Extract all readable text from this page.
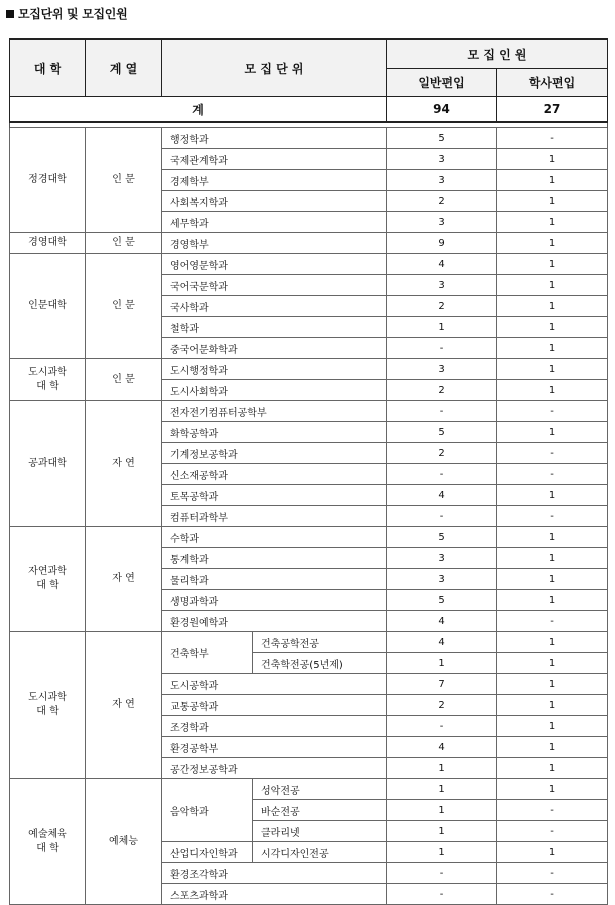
모집단위 및 모집인원
대 학	계 열	모 집 단 위		모 집 인 원	
				일반편입	학사편입
계				94	27

정경대학	인 문	행정학과		5	-
		국제관계학과		3	1
		경제학부		3	1
		사회복지학과		2	1
		세무학과		3	1
경영대학	인 문	경영학부		9	1
인문대학	인 문	영어영문학과		4	1
		국어국문학과		3	1
		국사학과		2	1
		철학과		1	1
		중국어문화학과		-	1
도시과학
대 학	인 문	도시행정학과		3	1
		도시사회학과		2	1
공과대학	자 연	전자전기컴퓨터공학부		-	-
		화학공학과		5	1
		기계정보공학과		2	-
		신소재공학과		-	-
		토목공학과		4	1
		컴퓨터과학부		-	-
자연과학
대 학	자 연	수학과		5	1
		통계학과		3	1
		물리학과		3	1
		생명과학과		5	1
		환경원예학과		4	-
도시과학
대 학	자 연	건축학부	건축공학전공	4	1
			건축학전공(5년제)	1	1
		도시공학과		7	1
		교통공학과		2	1
		조경학과		-	1
		환경공학부		4	1
		공간정보공학과		1	1
예술체육
대 학	예체능	음악학과	성악전공	1	1
			바순전공	1	-
			클라리넷	1	-
		산업디자인학과	시각디자인전공	1	1
		환경조각학과		-	-
		스포츠과학과		-	-
